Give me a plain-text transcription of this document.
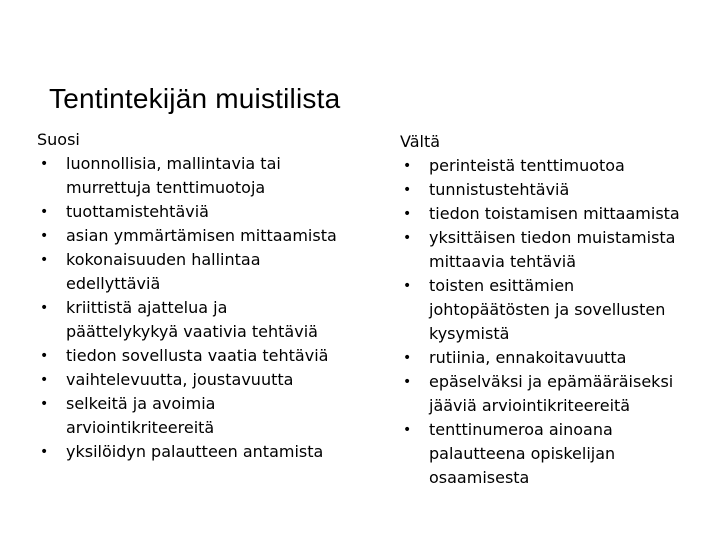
Tentintekijän muistilista
Suosi
• luonnollisia, mallintavia tai
murrettuja tenttimuotoja
• tuottamistehtäviä
• asian ymmärtämisen mittaamista
• kokonaisuuden hallintaa
edellyttäviä
• kriittistä ajattelua ja
päättelykykyä vaativia tehtäviä
• tiedon sovellusta vaatia tehtäviä
• vaihtelevuutta, joustavuutta
• selkeitä ja avoimia
arviointikriteereitä
• yksilöidyn palautteen antamista
Vältä
• perinteistä tenttimuotoa
• tunnistustehtäviä
• tiedon toistamisen mittaamista
• yksittäisen tiedon muistamista
mittaavia tehtäviä
• toisten esittämien
johtopäätösten ja sovellusten
kysymistä
• rutiinia, ennakoitavuutta
• epäselväksi ja epämääräiseksi
jääviä arviointikriteereitä
• tenttinumeroa ainoana
palautteena opiskelijan
osaamisesta
